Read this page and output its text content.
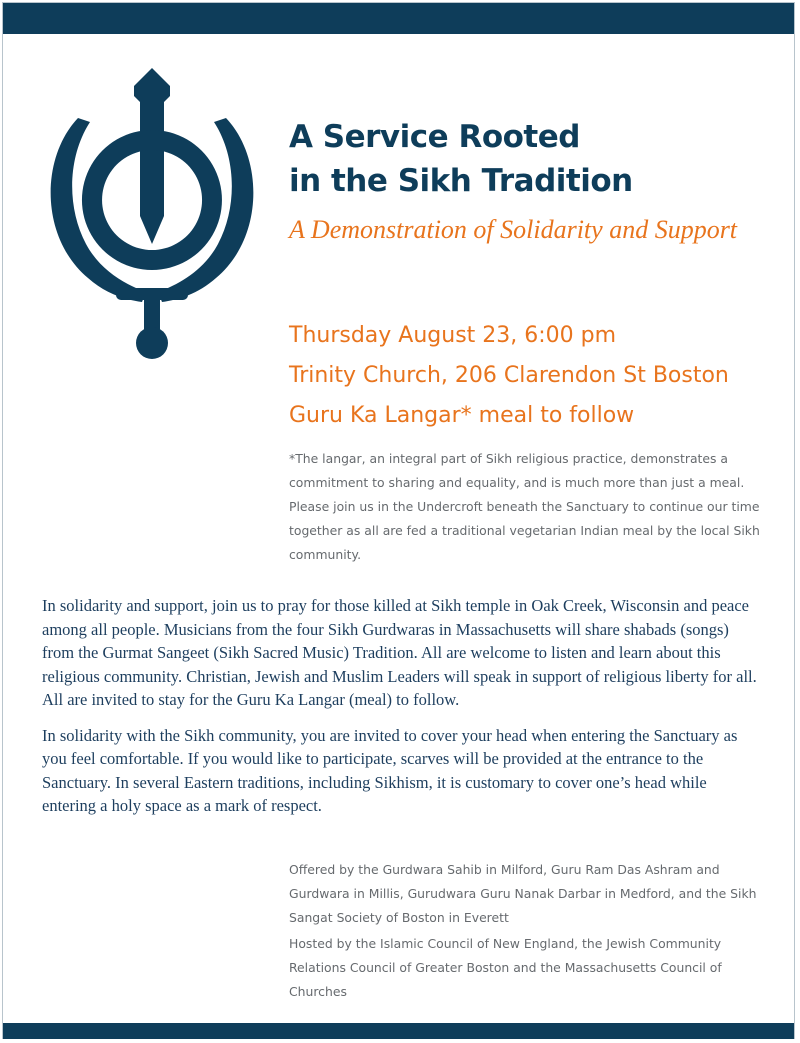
A Service Rooted
in the Sikh Tradition

A Demonstration of Solidarity and Support

Thursday August 23, 6:00 pm

Trinity Church, 206 Clarendon St Boston

Guru Ka Langar* meal to follow

*The langar, an integral part of Sikh religious practice, demonstrates a commitment to sharing and equality, and is much more than just a meal. Please join us in the Undercroft beneath the Sanctuary to continue our time together as all are fed a traditional vegetarian Indian meal by the local Sikh community.

In solidarity and support, join us to pray for those killed at Sikh temple in Oak Creek, Wisconsin and peace among all people. Musicians from the four Sikh Gurdwaras in Massachusetts will share shabads (songs) from the Gurmat Sangeet (Sikh Sacred Music) Tradition. All are welcome to listen and learn about this religious community. Christian, Jewish and Muslim Leaders will speak in support of religious liberty for all. All are invited to stay for the Guru Ka Langar (meal) to follow.

In solidarity with the Sikh community, you are invited to cover your head when entering the Sanctuary as you feel comfortable. If you would like to participate, scarves will be provided at the entrance to the Sanctuary. In several Eastern traditions, including Sikhism, it is customary to cover one’s head while entering a holy space as a mark of respect.

Offered by the Gurdwara Sahib in Milford, Guru Ram Das Ashram and Gurdwara in Millis, Gurudwara Guru Nanak Darbar in Medford, and the Sikh Sangat Society of Boston in Everett

Hosted by the Islamic Council of New England, the Jewish Community Relations Council of Greater Boston and the Massachusetts Council of Churches
